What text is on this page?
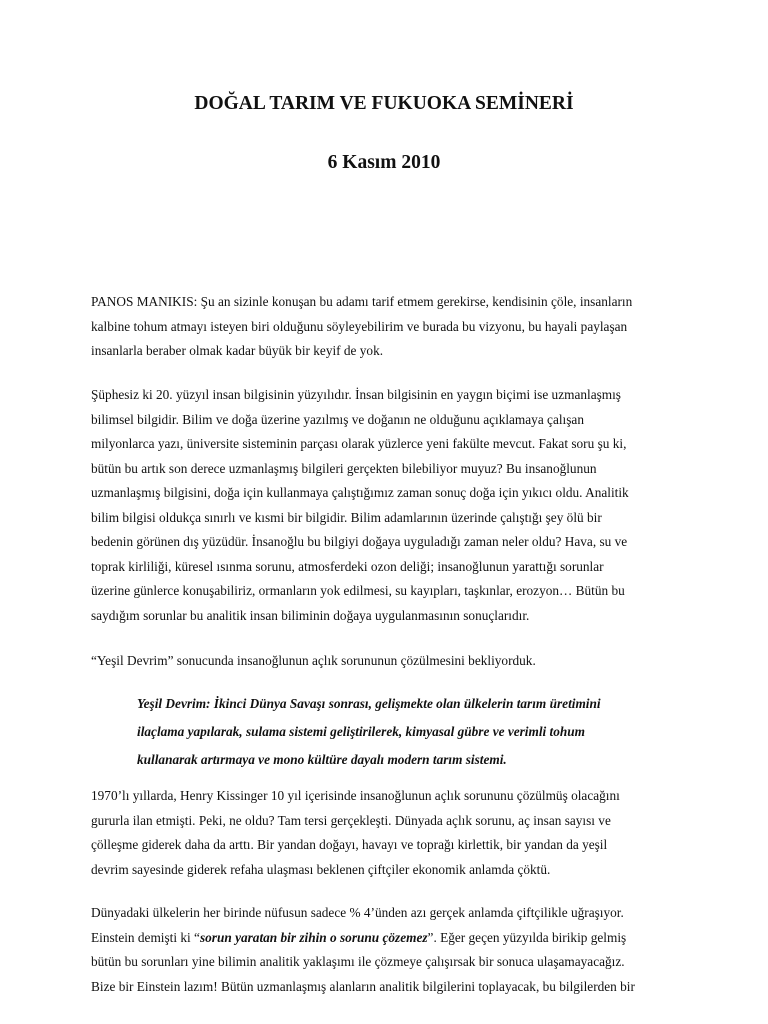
DOĞAL TARIM VE FUKUOKA SEMİNERİ
6 Kasım 2010

PANOS MANIKIS: Şu an sizinle konuşan bu adamı tarif etmem gerekirse, kendisinin çöle, insanların
kalbine tohum atmayı isteyen biri olduğunu söyleyebilirim ve burada bu vizyonu, bu hayali paylaşan
insanlarla beraber olmak kadar büyük bir keyif de yok.

Şüphesiz ki 20. yüzyıl insan bilgisinin yüzyılıdır. İnsan bilgisinin en yaygın biçimi ise uzmanlaşmış
bilimsel bilgidir. Bilim ve doğa üzerine yazılmış ve doğanın ne olduğunu açıklamaya çalışan
milyonlarca yazı, üniversite sisteminin parçası olarak yüzlerce yeni fakülte mevcut. Fakat soru şu ki,
bütün bu artık son derece uzmanlaşmış bilgileri gerçekten bilebiliyor muyuz? Bu insanoğlunun
uzmanlaşmış bilgisini, doğa için kullanmaya çalıştığımız zaman sonuç doğa için yıkıcı oldu. Analitik
bilim bilgisi oldukça sınırlı ve kısmi bir bilgidir. Bilim adamlarının üzerinde çalıştığı şey ölü bir
bedenin görünen dış yüzüdür. İnsanoğlu bu bilgiyi doğaya uyguladığı zaman neler oldu? Hava, su ve
toprak kirliliği, küresel ısınma sorunu, atmosferdeki ozon deliği; insanoğlunun yarattığı sorunlar
üzerine günlerce konuşabiliriz, ormanların yok edilmesi, su kayıpları, taşkınlar, erozyon… Bütün bu
saydığım sorunlar bu analitik insan biliminin doğaya uygulanmasının sonuçlarıdır.

“Yeşil Devrim” sonucunda insanoğlunun açlık sorununun çözülmesini bekliyorduk.

Yeşil Devrim: İkinci Dünya Savaşı sonrası, gelişmekte olan ülkelerin tarım üretimini
ilaçlama yapılarak, sulama sistemi geliştirilerek, kimyasal gübre ve verimli tohum
kullanarak artırmaya ve mono kültüre dayalı modern tarım sistemi.

1970’lı yıllarda, Henry Kissinger 10 yıl içerisinde insanoğlunun açlık sorununu çözülmüş olacağını
gururla ilan etmişti. Peki, ne oldu? Tam tersi gerçekleşti. Dünyada açlık sorunu, aç insan sayısı ve
çölleşme giderek daha da arttı. Bir yandan doğayı, havayı ve toprağı kirlettik, bir yandan da yeşil
devrim sayesinde giderek refaha ulaşması beklenen çiftçiler ekonomik anlamda çöktü.

Dünyadaki ülkelerin her birinde nüfusun sadece % 4’ünden azı gerçek anlamda çiftçilikle uğraşıyor.
Einstein demişti ki “sorun yaratan bir zihin o sorunu çözemez”. Eğer geçen yüzyılda birikip gelmiş
bütün bu sorunları yine bilimin analitik yaklaşımı ile çözmeye çalışırsak bir sonuca ulaşamayacağız.
Bize bir Einstein lazım! Bütün uzmanlaşmış alanların analitik bilgilerini toplayacak, bu bilgilerden bir
